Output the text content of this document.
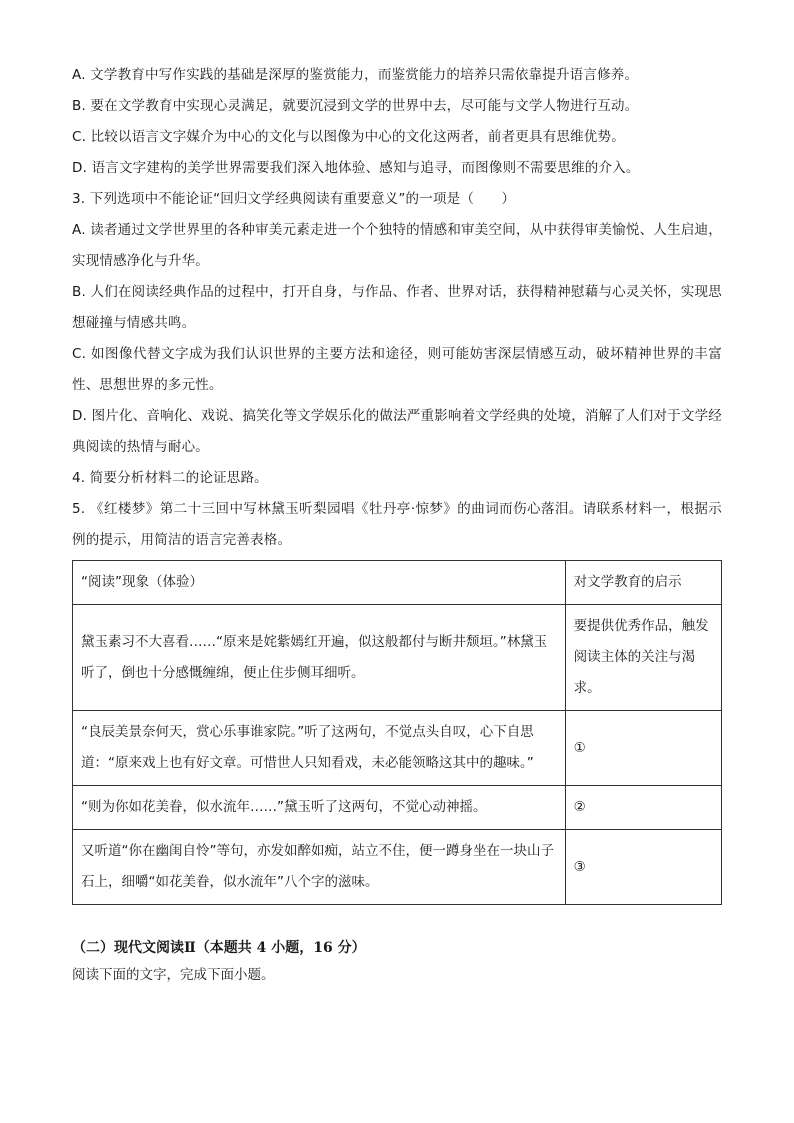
A. 文学教育中写作实践的基础是深厚的鉴赏能力，而鉴赏能力的培养只需依靠提升语言修养。

B. 要在文学教育中实现心灵满足，就要沉浸到文学的世界中去，尽可能与文学人物进行互动。

C. 比较以语言文字媒介为中心的文化与以图像为中心的文化这两者，前者更具有思维优势。

D. 语言文字建构的美学世界需要我们深入地体验、感知与追寻，而图像则不需要思维的介入。

3. 下列选项中不能论证“回归文学经典阅读有重要意义”的一项是（　　）

A. 读者通过文学世界里的各种审美元素走进一个个独特的情感和审美空间，从中获得审美愉悦、人生启迪，实现情感净化与升华。

B. 人们在阅读经典作品的过程中，打开自身，与作品、作者、世界对话，获得精神慰藉与心灵关怀，实现思想碰撞与情感共鸣。

C. 如图像代替文字成为我们认识世界的主要方法和途径，则可能妨害深层情感互动，破坏精神世界的丰富性、思想世界的多元性。

D. 图片化、音响化、戏说、搞笑化等文学娱乐化的做法严重影响着文学经典的处境，消解了人们对于文学经典阅读的热情与耐心。

4. 简要分析材料二的论证思路。

5. 《红楼梦》第二十三回中写林黛玉听梨园唱《牡丹亭·惊梦》的曲词而伤心落泪。请联系材料一，根据示例的提示，用简洁的语言完善表格。

“阅读”现象（体验）	对文学教育的启示
黛玉素习不大喜看……“原来是姹紫嫣红开遍，似这般都付与断井颓垣。”林黛玉听了，倒也十分感慨缠绵，便止住步侧耳细听。	要提供优秀作品，触发阅读主体的关注与渴求。
“良辰美景奈何天，赏心乐事谁家院。”听了这两句，不觉点头自叹，心下自思道：“原来戏上也有好文章。可惜世人只知看戏，未必能领略这其中的趣味。”	①
“则为你如花美眷，似水流年……”黛玉听了这两句，不觉心动神摇。	②
又听道“你在幽闺自怜”等句，亦发如醉如痴，站立不住，便一蹲身坐在一块山子石上，细嚼“如花美眷，似水流年”八个字的滋味。	③
（二）现代文阅读Ⅱ（本题共 4 小题，16 分）

阅读下面的文字，完成下面小题。
